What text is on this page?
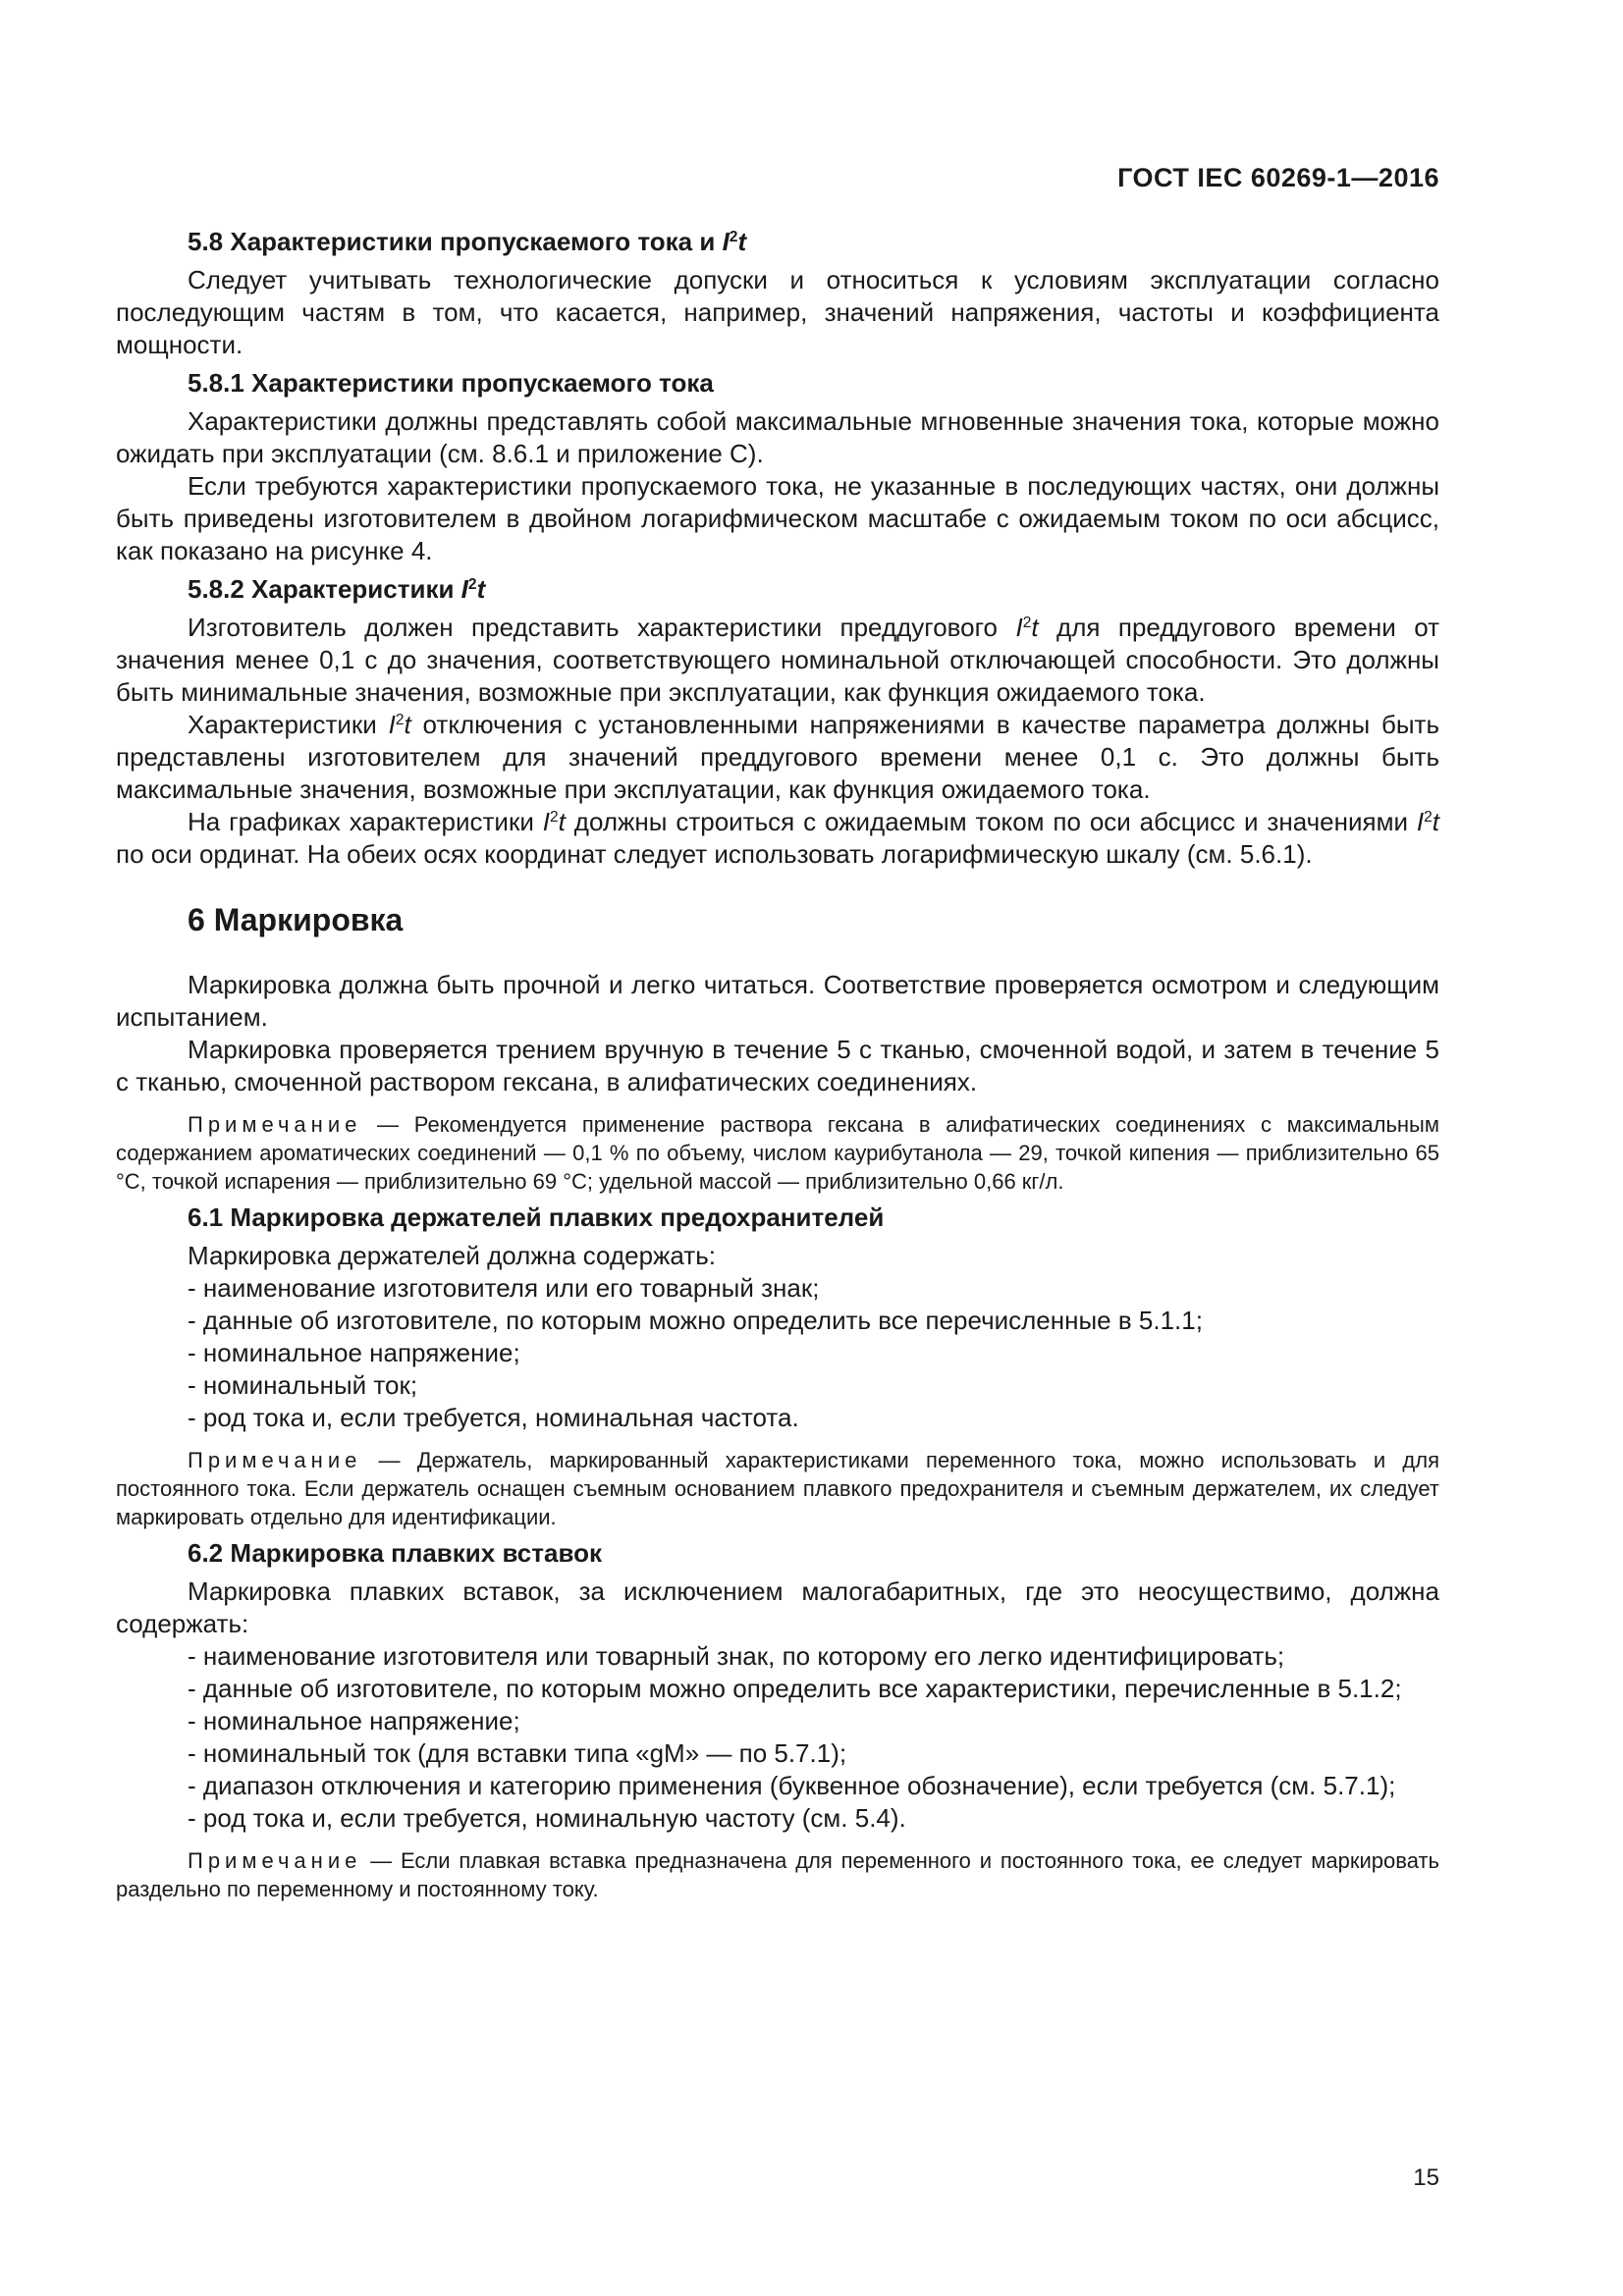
ГОСТ IEC 60269-1—2016
5.8 Характеристики пропускаемого тока и $I^2t$

Следует учитывать технологические допуски и относиться к условиям эксплуатации согласно последующим частям в том, что касается, например, значений напряжения, частоты и коэффициента мощности.

5.8.1 Характеристики пропускаемого тока

Характеристики должны представлять собой максимальные мгновенные значения тока, которые можно ожидать при эксплуатации (см. 8.6.1 и приложение C).

Если требуются характеристики пропускаемого тока, не указанные в последующих частях, они должны быть приведены изготовителем в двойном логарифмическом масштабе с ожидаемым током по оси абсцисс, как показано на рисунке 4.

5.8.2 Характеристики $I^2t$

Изготовитель должен представить характеристики преддугового $I^2t$ для преддугового времени от значения менее 0,1 с до значения, соответствующего номинальной отключающей способности. Это должны быть минимальные значения, возможные при эксплуатации, как функция ожидаемого тока.

Характеристики $I^2t$ отключения с установленными напряжениями в качестве параметра должны быть представлены изготовителем для значений преддугового времени менее 0,1 с. Это должны быть максимальные значения, возможные при эксплуатации, как функция ожидаемого тока.

На графиках характеристики $I^2t$ должны строиться с ожидаемым током по оси абсцисс и значениями $I^2t$ по оси ординат. На обеих осях координат следует использовать логарифмическую шкалу (см. 5.6.1).

6 Маркировка

Маркировка должна быть прочной и легко читаться. Соответствие проверяется осмотром и следующим испытанием.

Маркировка проверяется трением вручную в течение 5 с тканью, смоченной водой, и затем в течение 5 с тканью, смоченной раствором гексана, в алифатических соединениях.

Примечание — Рекомендуется применение раствора гексана в алифатических соединениях с максимальным содержанием ароматических соединений — 0,1 % по объему, числом каурибутанола — 29, точкой кипения — приблизительно 65 °C, точкой испарения — приблизительно 69 °C; удельной массой — приблизительно 0,66 кг/л.
6.1 Маркировка держателей плавких предохранителей

Маркировка держателей должна содержать:

- наименование изготовителя или его товарный знак;
- данные об изготовителе, по которым можно определить все перечисленные в 5.1.1;
- номинальное напряжение;
- номинальный ток;
- род тока и, если требуется, номинальная частота.
Примечание — Держатель, маркированный характеристиками переменного тока, можно использовать и для постоянного тока. Если держатель оснащен съемным основанием плавкого предохранителя и съемным держателем, их следует маркировать отдельно для идентификации.
6.2 Маркировка плавких вставок

Маркировка плавких вставок, за исключением малогабаритных, где это неосуществимо, должна содержать:

- наименование изготовителя или товарный знак, по которому его легко идентифицировать;
- данные об изготовителе, по которым можно определить все характеристики, перечисленные в 5.1.2;
- номинальное напряжение;
- номинальный ток (для вставки типа «gM» — по 5.7.1);
- диапазон отключения и категорию применения (буквенное обозначение), если требуется (см. 5.7.1);
- род тока и, если требуется, номинальную частоту (см. 5.4).
Примечание — Если плавкая вставка предназначена для переменного и постоянного тока, ее следует маркировать раздельно по переменному и постоянному току.
15
